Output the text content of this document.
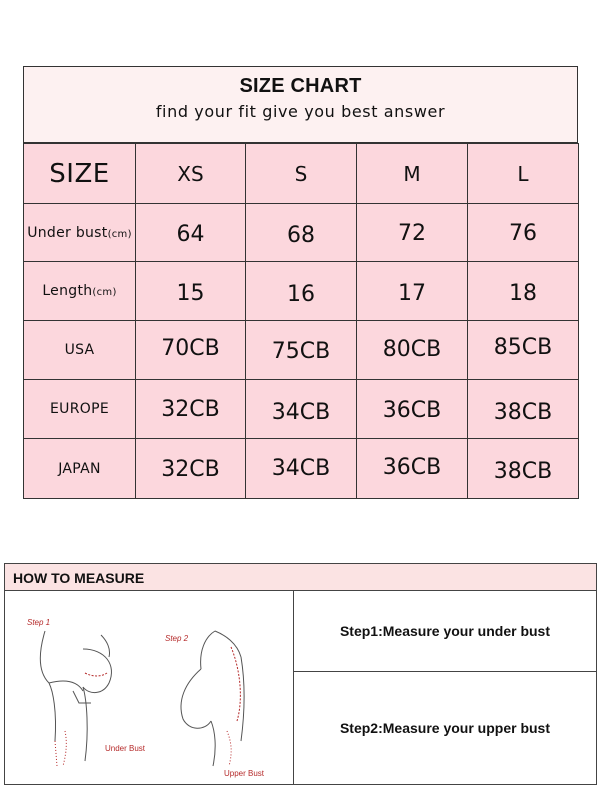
SIZE CHART
find your fit give you best answer
SIZE	XS	S	M	L
Under bust(cm)	64	68	72	76
Length(cm)	15	16	17	18
USA	70CB	75CB	80CB	85CB
EUROPE	32CB	34CB	36CB	38CB
JAPAN	32CB	34CB	36CB	38CB
HOW TO MEASURE
Step 1
Under Bust
Step 2
Upper Bust
Step1:Measure your under bust
Step2:Measure your upper bust
